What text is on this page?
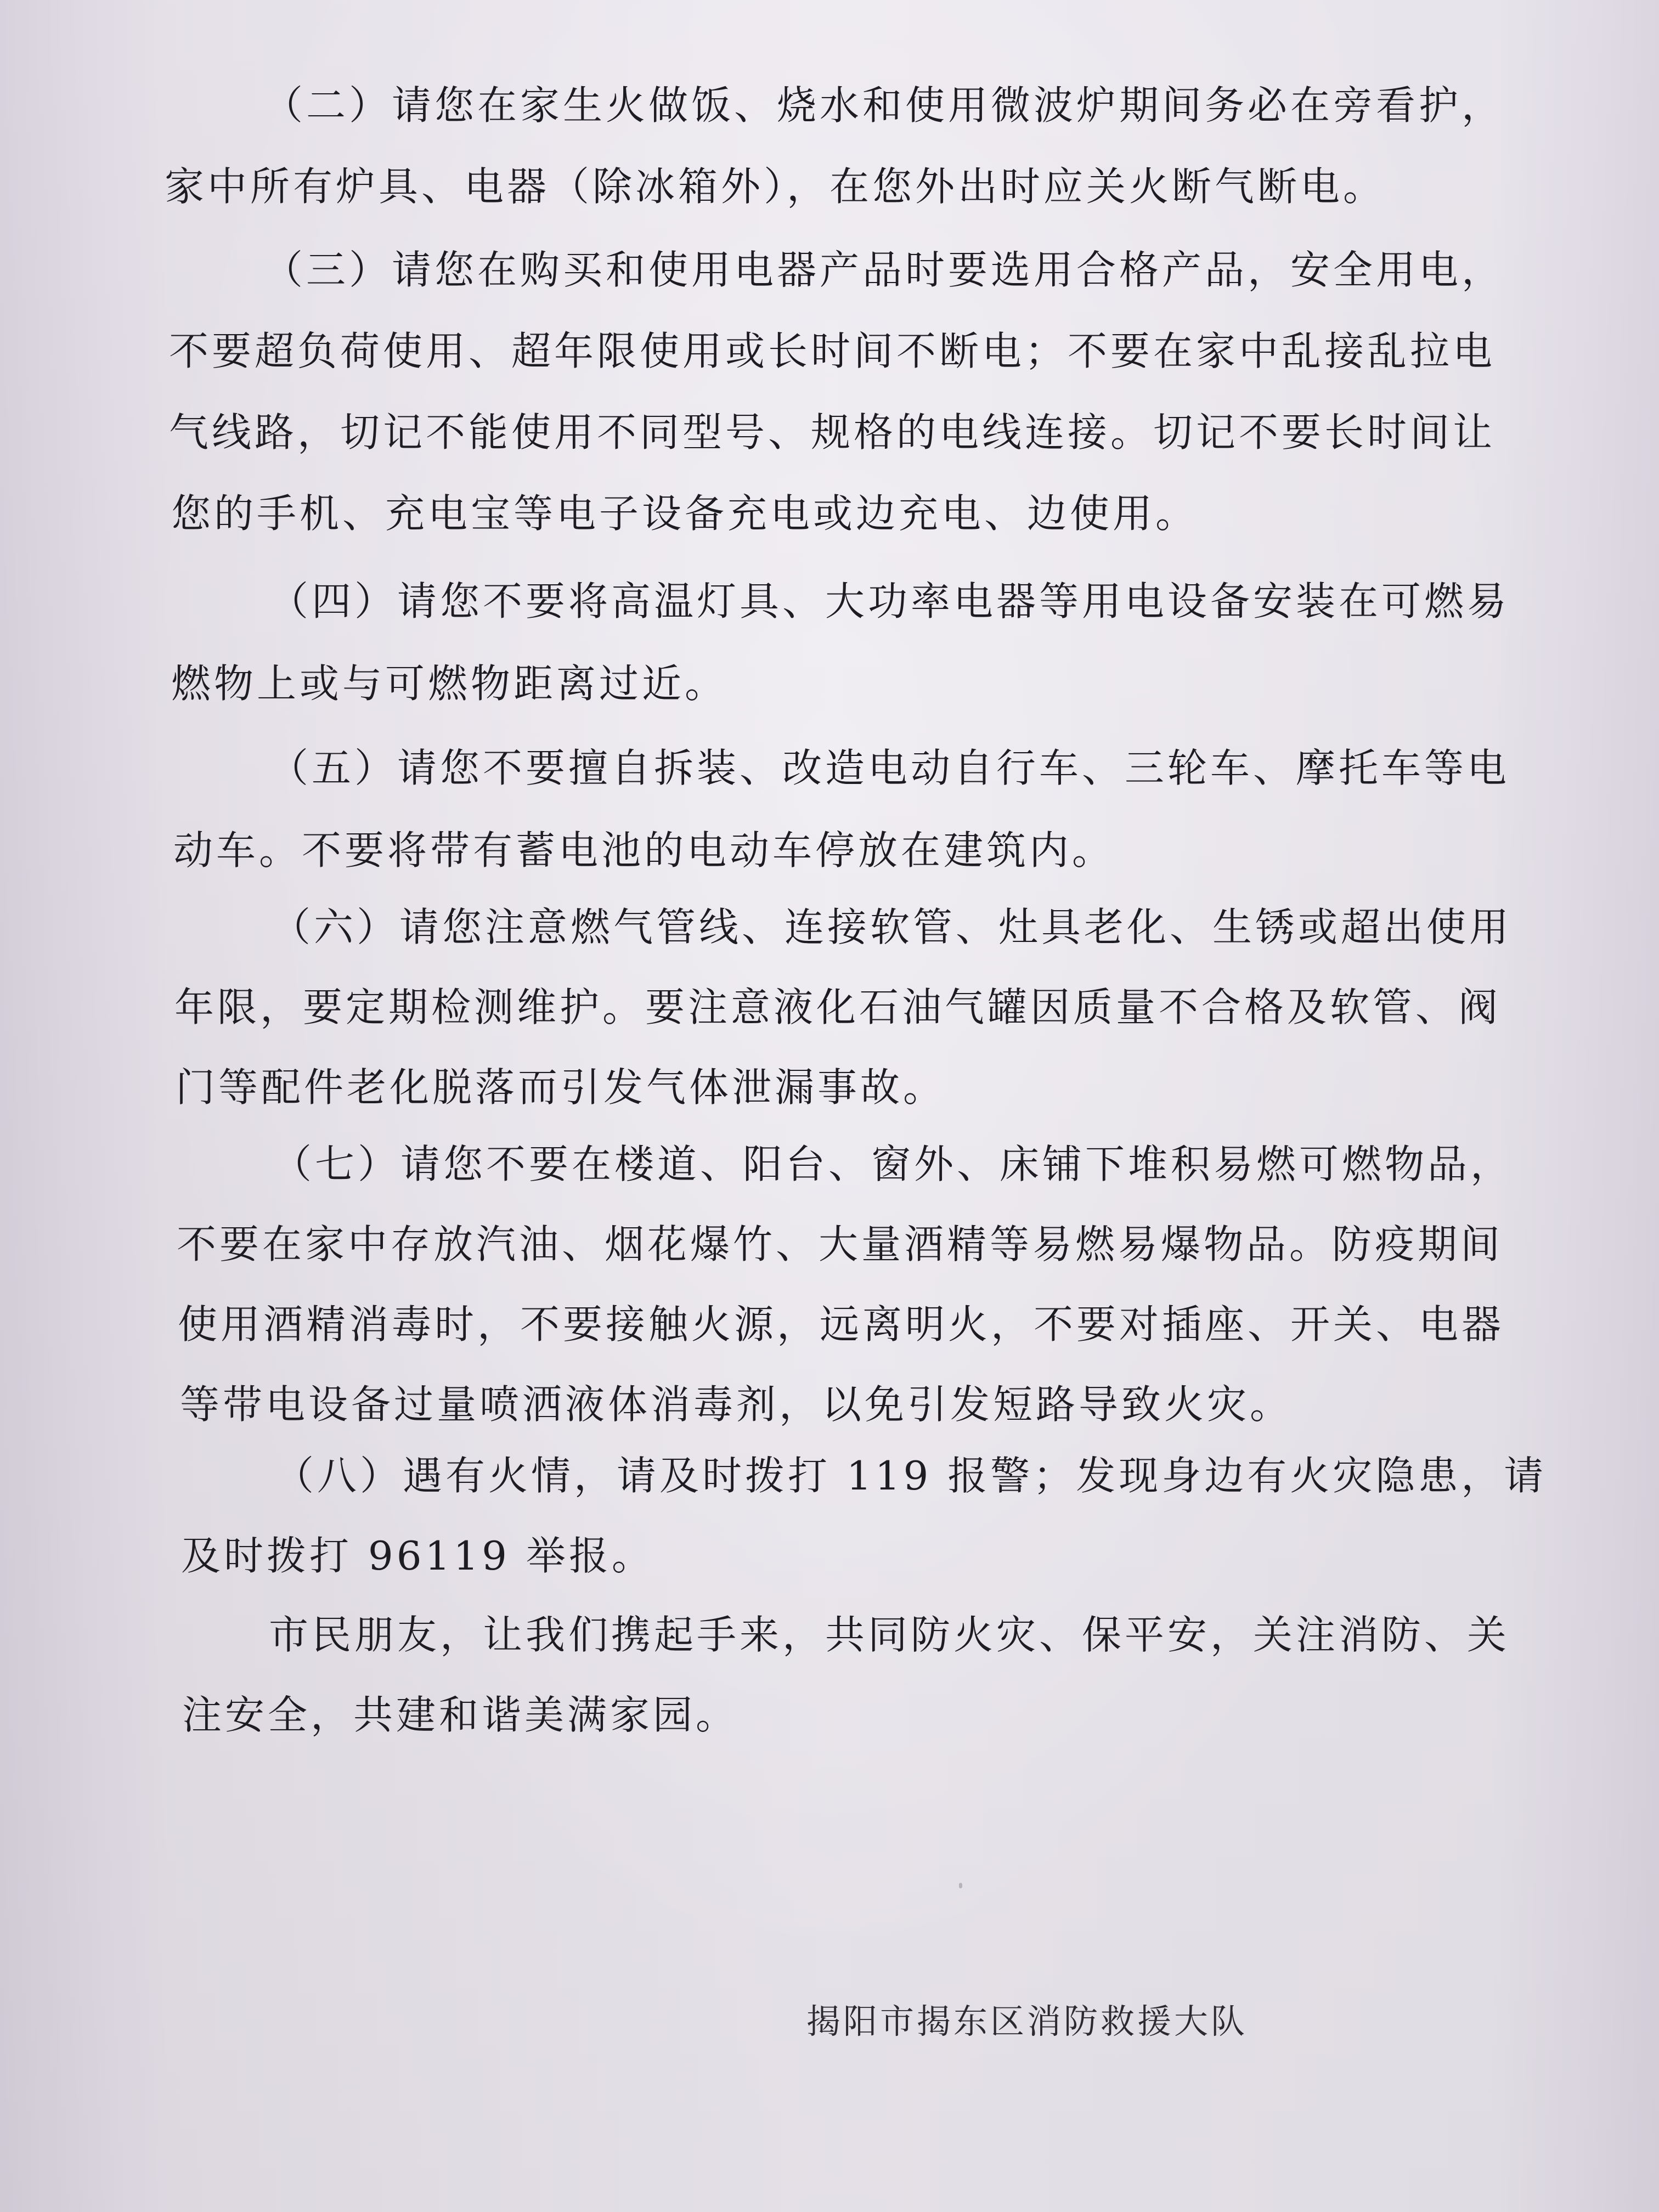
（二）请您在家生火做饭、烧水和使用微波炉期间务必在旁看护，
家中所有炉具、电器（除冰箱外），在您外出时应关火断气断电。
（三）请您在购买和使用电器产品时要选用合格产品，安全用电，
不要超负荷使用、超年限使用或长时间不断电；不要在家中乱接乱拉电
气线路，切记不能使用不同型号、规格的电线连接。切记不要长时间让
您的手机、充电宝等电子设备充电或边充电、边使用。
（四）请您不要将高温灯具、大功率电器等用电设备安装在可燃易
燃物上或与可燃物距离过近。
（五）请您不要擅自拆装、改造电动自行车、三轮车、摩托车等电
动车。不要将带有蓄电池的电动车停放在建筑内。
（六）请您注意燃气管线、连接软管、灶具老化、生锈或超出使用
年限，要定期检测维护。要注意液化石油气罐因质量不合格及软管、阀
门等配件老化脱落而引发气体泄漏事故。
（七）请您不要在楼道、阳台、窗外、床铺下堆积易燃可燃物品，
不要在家中存放汽油、烟花爆竹、大量酒精等易燃易爆物品。防疫期间
使用酒精消毒时，不要接触火源，远离明火，不要对插座、开关、电器
等带电设备过量喷洒液体消毒剂，以免引发短路导致火灾。
（八）遇有火情，请及时拨打 119 报警；发现身边有火灾隐患，请
及时拨打 96119 举报。
市民朋友，让我们携起手来，共同防火灾、保平安，关注消防、关
注安全，共建和谐美满家园。
揭阳市揭东区消防救援大队
